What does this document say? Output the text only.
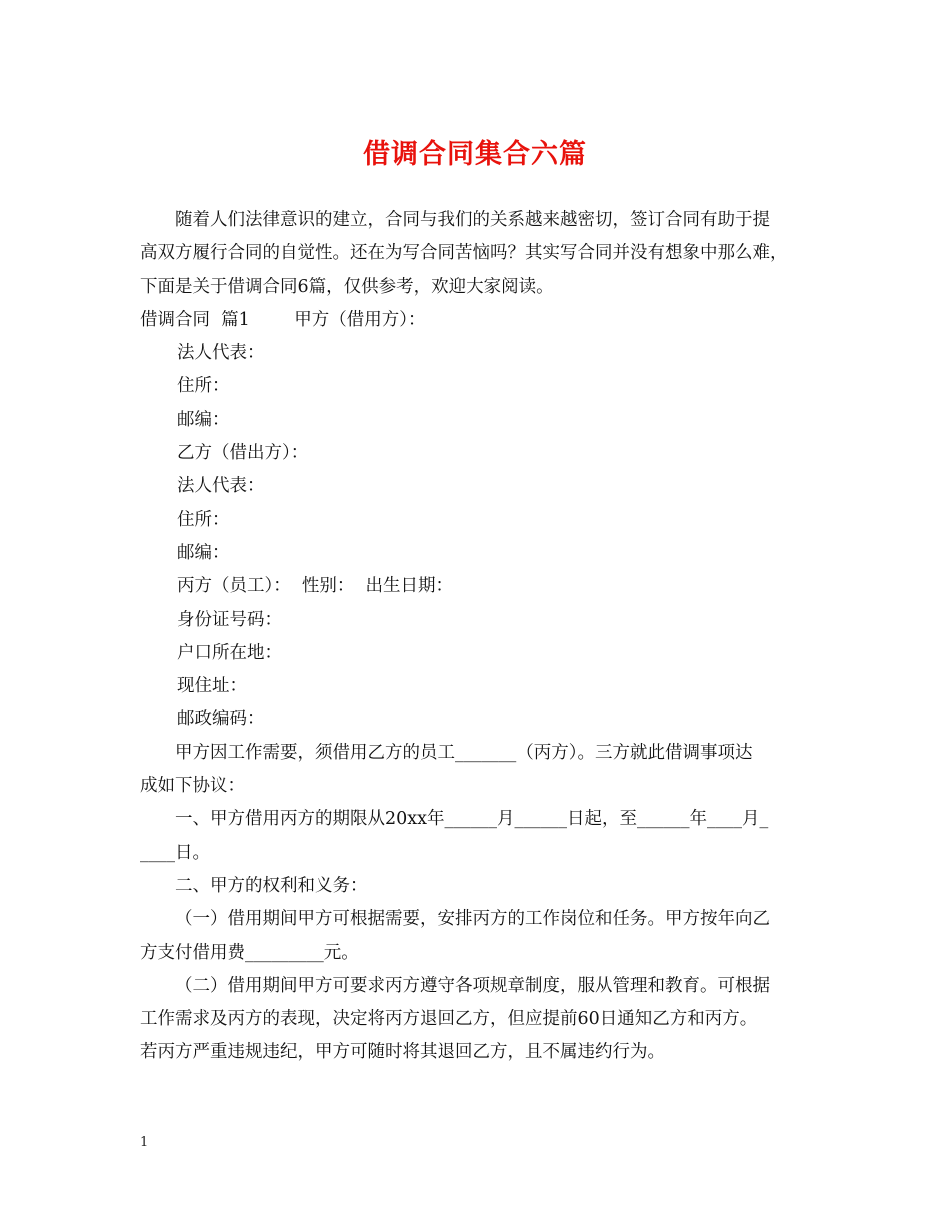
借调合同集合六篇

随着人们法律意识的建立，合同与我们的关系越来越密切，签订合同有助于提

高双方履行合同的自觉性。还在为写合同苦恼吗？其实写合同并没有想象中那么难，

下面是关于借调合同6篇，仅供参考，欢迎大家阅读。

借调合同  篇1        甲方（借用方）：

法人代表：

住所：

邮编：

乙方（借出方）：

法人代表：

住所：

邮编：

丙方（员工）：  性别：  出生日期：

身份证号码：

户口所在地：

现住址：

邮政编码：

甲方因工作需要，须借用乙方的员工_______（丙方）。三方就此借调事项达

成如下协议：

一、甲方借用丙方的期限从20xx年______月______日起，至______年____月_

____日。

二、甲方的权利和义务：

（一）借用期间甲方可根据需要，安排丙方的工作岗位和任务。甲方按年向乙

方支付借用费_________元。

（二）借用期间甲方可要求丙方遵守各项规章制度，服从管理和教育。可根据

工作需求及丙方的表现，决定将丙方退回乙方，但应提前60日通知乙方和丙方。

若丙方严重违规违纪，甲方可随时将其退回乙方，且不属违约行为。

1
